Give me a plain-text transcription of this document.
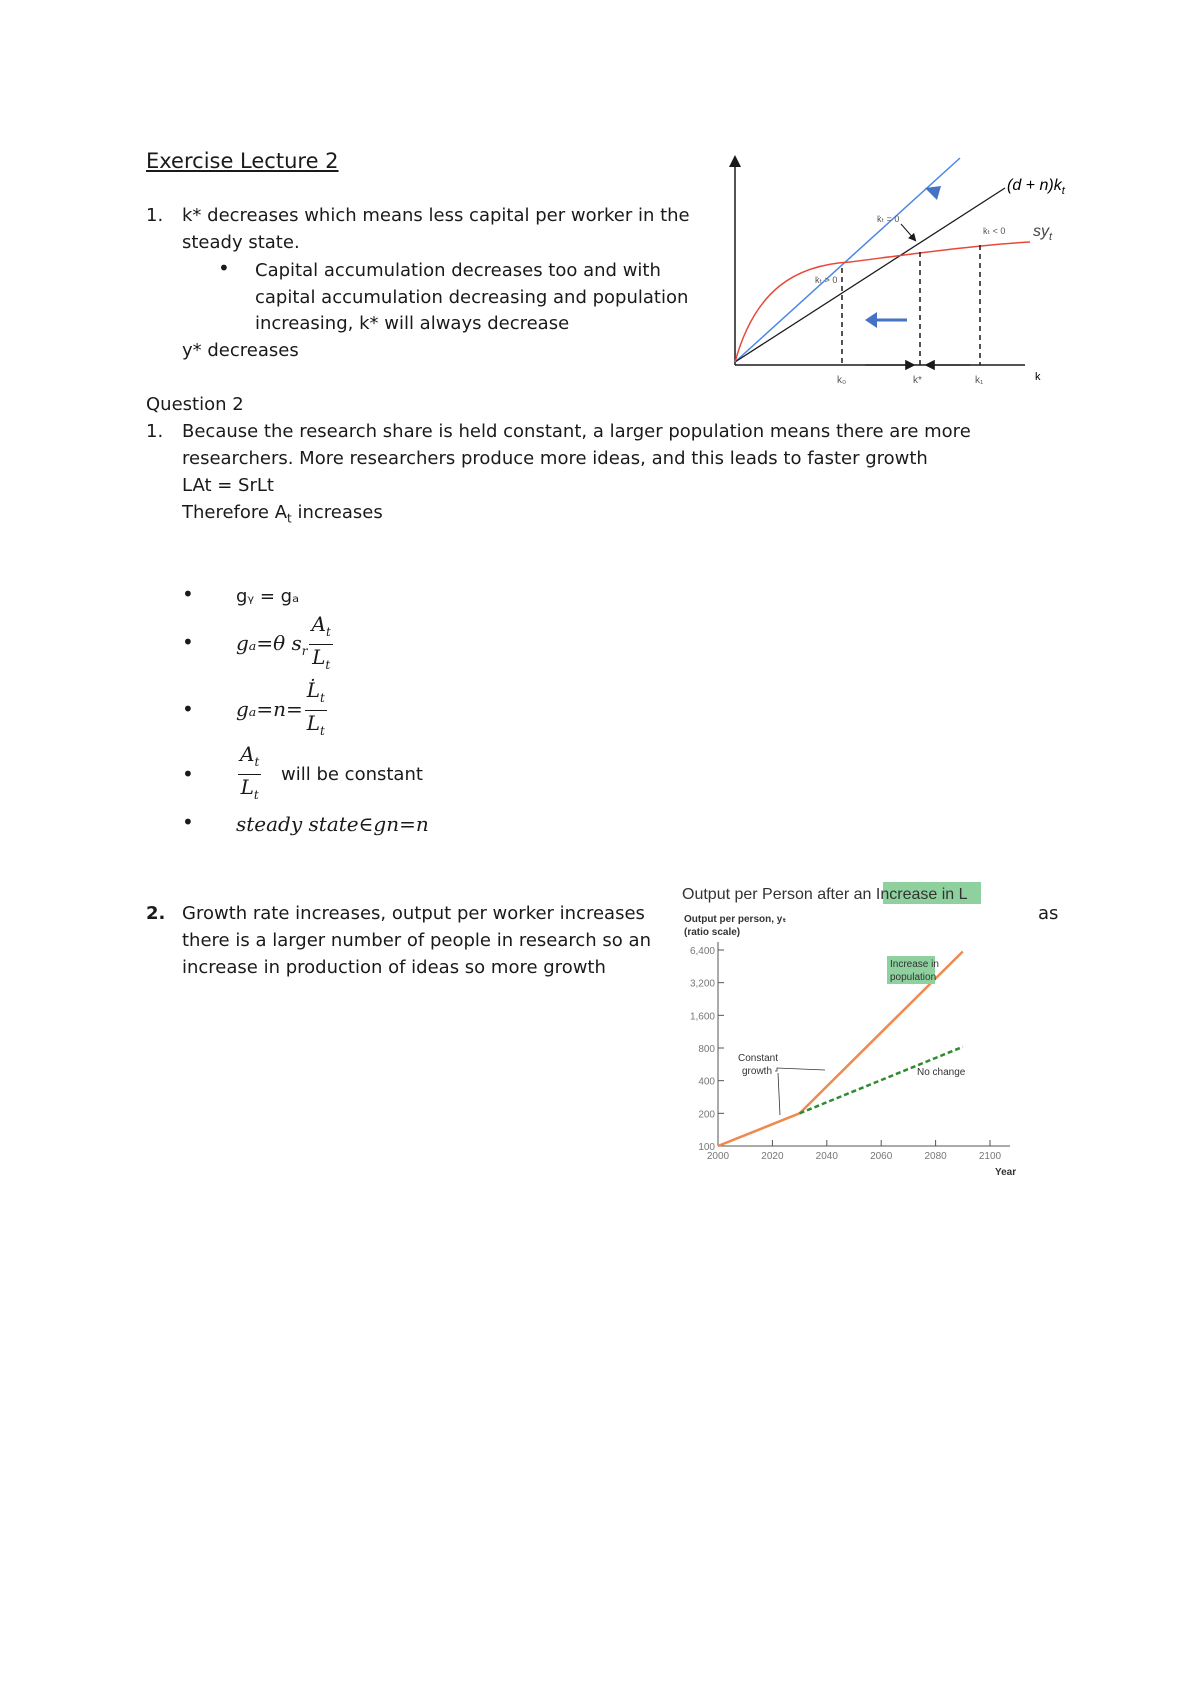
Exercise Lecture 2
1. k* decreases which means less capital per worker in the
steady state.
• Capital accumulation decreases too and with
capital accumulation decreasing and population
increasing, k* will always decrease
y* decreases
$(d + n)k_t$
$sy_t$
k̇ₜ = 0
k̇ₜ < 0
k̇ₜ > 0
k
k₀	k*	k₁
Question 2
1. Because the research share is held constant, a larger population means there are more
researchers. More researchers produce more ideas, and this leads to faster growth
LAt = SrLt
Therefore $A_t$ increases
• gᵧ = gₐ
• gₐ=θ $s_r \frac{A_t}{L_t}$
• $g_a=n= \frac{L̇_t}{L_t}$
• $\frac{A_t}{L_t}$ will be constant
• steady state∈gn=n
2. Growth rate increases, output per worker increases	as
there is a larger number of people in research so an
increase in production of ideas so more growth
Output per Person after an Increase in L
Output per person, yₜ
(ratio scale)
100
200
400
800
1,600
3,200
6,400
2000	2020	2040	2060	2080	2100
Year
Increase in
population
Constant
growth	No change
